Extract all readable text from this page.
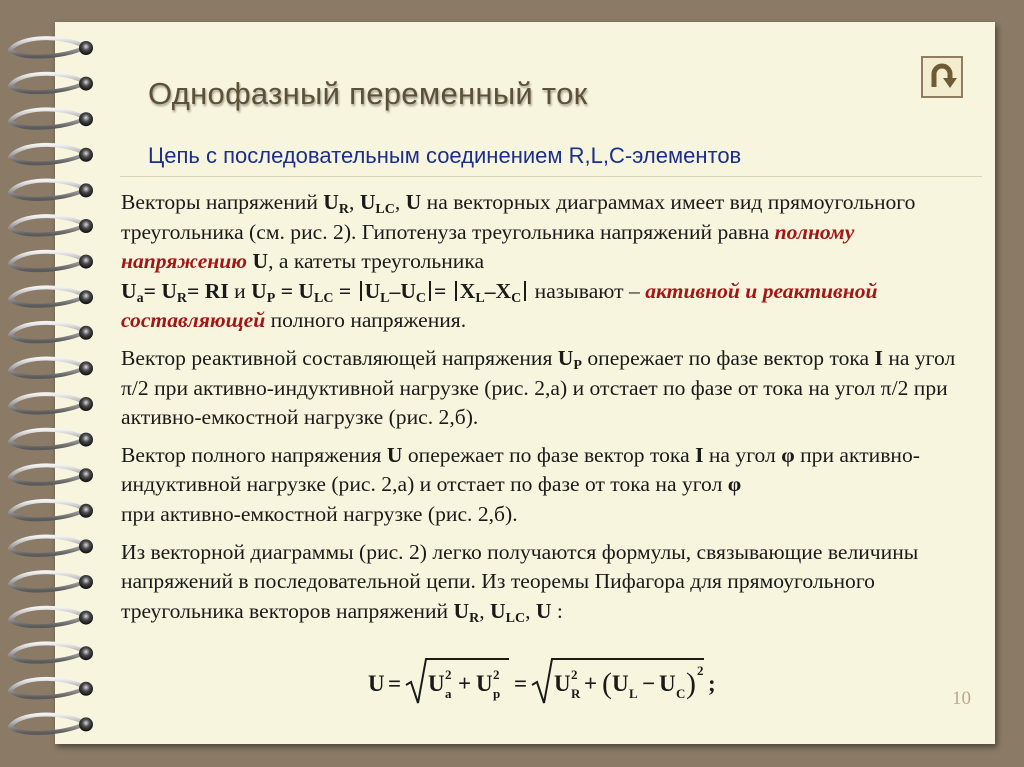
Однофазный переменный ток
Цепь с последовательным соединением R,L,C-элементов

Векторы напряжений $U_R$, $U_{LC}$, U на векторных диаграммах имеет вид прямоугольного треугольника (см. рис. 2). Гипотенуза треугольника напряжений равна полному напряжению U, а катеты треугольника
$U_a= U_R=$ RI и $U_P = U_{LC} = U_L-U_C = X_L-X_C$ называют – активной и реактивной составляющей полного напряжения.

Вектор реактивной составляющей напряжения $U_P$ опережает по фазе вектор тока I на угол π/2 при активно-индуктивной нагрузке (рис. 2,а) и отстает по фазе от тока на угол π/2 при активно-емкостной нагрузке (рис. 2,б).

Вектор полного напряжения U опережает по фазе вектор тока I на угол φ при активно-индуктивной нагрузке (рис. 2,а) и отстает по фазе от тока на угол φ
при активно-емкостной нагрузке (рис. 2,б).

Из векторной диаграммы (рис. 2) легко получаются формулы, связывающие величины напряжений в последовательной цепи. Из теоремы Пифагора для прямоугольного треугольника векторов напряжений $U_R$, $U_{LC}$, U :

U = U 2
a + U 2
p = U 2
R + ( U L − U C ) 2
;
10
